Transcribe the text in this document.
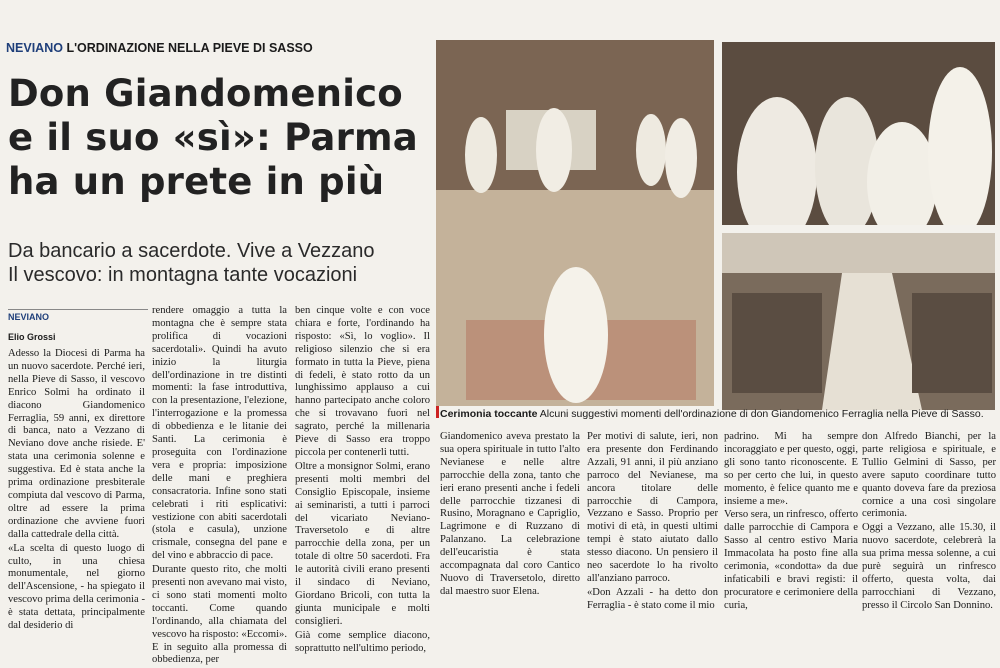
NEVIANO L'ORDINAZIONE NELLA PIEVE DI SASSO
Don Giandomenico
e il suo «sì»: Parma
ha un prete in più
Da bancario a sacerdote. Vive a Vezzano
Il vescovo: in montagna tante vocazioni
NEVIANO
Elio Grossi

Adesso la Diocesi di Parma ha un nuovo sacerdote. Perché ieri, nella Pieve di Sasso, il vescovo Enrico Solmi ha ordinato il diacono Giandomenico Ferraglia, 59 anni, ex direttore di banca, nato a Vezzano di Neviano dove anche risiede. E' stata una cerimonia solenne e suggestiva. Ed è stata anche la prima ordinazione presbiterale compiuta dal vescovo di Parma, oltre ad essere la prima ordinazione che avviene fuori dalla cattedrale della città.

«La scelta di questo luogo di culto, in una chiesa monumentale, nel giorno dell'Ascensione, - ha spiegato il vescovo prima della cerimonia - è stata dettata, principalmente dal desiderio di

rendere omaggio a tutta la montagna che è sempre stata prolifica di vocazioni sacerdotali». Quindi ha avuto inizio la liturgia dell'ordinazione in tre distinti momenti: la fase introduttiva, con la presentazione, l'elezione, l'interrogazione e la promessa di obbedienza e le litanie dei Santi. La cerimonia è proseguita con l'ordinazione vera e propria: imposizione delle mani e preghiera consacratoria. Infine sono stati celebrati i riti esplicativi: vestizione con abiti sacerdotali (stola e casula), unzione crismale, consegna del pane e del vino e abbraccio di pace.

Durante questo rito, che molti presenti non avevano mai visto, ci sono stati momenti molto toccanti. Come quando l'ordinando, alla chiamata del vescovo ha risposto: «Eccomi». E in seguito alla promessa di obbedienza, per

ben cinque volte e con voce chiara e forte, l'ordinando ha risposto: «Sì, lo voglio». Il religioso silenzio che si era formato in tutta la Pieve, piena di fedeli, è stato rotto da un lunghissimo applauso a cui hanno partecipato anche coloro che si trovavano fuori nel sagrato, perché la millenaria Pieve di Sasso era troppo piccola per contenerli tutti.

Oltre a monsignor Solmi, erano presenti molti membri del Consiglio Episcopale, insieme ai seminaristi, a tutti i parroci del vicariato Neviano-Traversetolo e di altre parrocchie della zona, per un totale di oltre 50 sacerdoti. Fra le autorità civili erano presenti il sindaco di Neviano, Giordano Bricoli, con tutta la giunta municipale e molti consiglieri.

Già come semplice diacono, soprattutto nell'ultimo periodo,

Cerimonia toccante Alcuni suggestivi momenti dell'ordinazione di don Giandomenico Ferraglia nella Pieve di Sasso.

Giandomenico aveva prestato la sua opera spirituale in tutto l'alto Nevianese e nelle altre parrocchie della zona, tanto che ieri erano presenti anche i fedeli delle parrocchie tizzanesi di Rusino, Moragnano e Capriglio, Lagrimone e di Ruzzano di Palanzano. La celebrazione dell'eucaristia è stata accompagnata dal coro Cantico Nuovo di Traversetolo, diretto dal maestro suor Elena.

Per motivi di salute, ieri, non era presente don Ferdinando Azzali, 91 anni, il più anziano parroco del Nevianese, ma ancora titolare delle parrocchie di Campora, Vezzano e Sasso. Proprio per motivi di età, in questi ultimi tempi è stato aiutato dallo stesso diacono. Un pensiero il neo sacerdote lo ha rivolto all'anziano parroco.

«Don Azzali - ha detto don Ferraglia - è stato come il mio

padrino. Mi ha sempre incoraggiato e per questo, oggi, gli sono tanto riconoscente. E so per certo che lui, in questo momento, è felice quanto me e insieme a me».

Verso sera, un rinfresco, offerto dalle parrocchie di Campora e Sasso al centro estivo Maria Immacolata ha posto fine alla cerimonia, «condotta» da due infaticabili e bravi registi: il procuratore e cerimoniere della curia,

don Alfredo Bianchi, per la parte religiosa e spirituale, e Tullio Gelmini di Sasso, per avere saputo coordinare tutto quanto doveva fare da preziosa cornice a una così singolare cerimonia.

Oggi a Vezzano, alle 15.30, il nuovo sacerdote, celebrerà la sua prima messa solenne, a cui purè seguirà un rinfresco offerto, questa volta, dai parrocchiani di Vezzano, presso il Circolo San Donnino.
